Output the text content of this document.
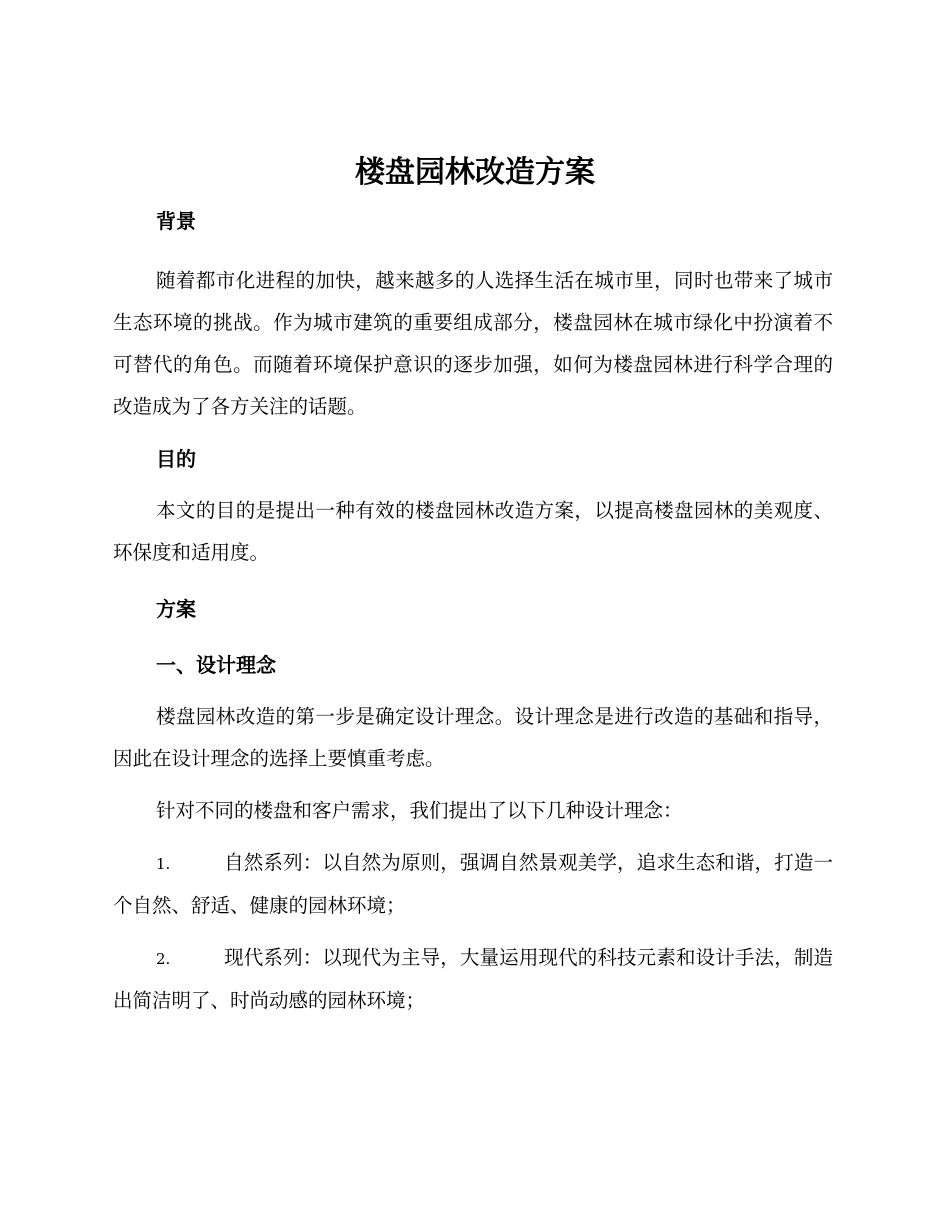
楼盘园林改造方案

背景

随着都市化进程的加快，越来越多的人选择生活在城市里，同时也带来了城市生态环境的挑战。作为城市建筑的重要组成部分，楼盘园林在城市绿化中扮演着不可替代的角色。而随着环境保护意识的逐步加强，如何为楼盘园林进行科学合理的改造成为了各方关注的话题。

目的

本文的目的是提出一种有效的楼盘园林改造方案，以提高楼盘园林的美观度、环保度和适用度。

方案

一、设计理念

楼盘园林改造的第一步是确定设计理念。设计理念是进行改造的基础和指导，因此在设计理念的选择上要慎重考虑。

针对不同的楼盘和客户需求，我们提出了以下几种设计理念：

1.	自然系列：以自然为原则，强调自然景观美学，追求生态和谐，打造一个自然、舒适、健康的园林环境；

2.	现代系列：以现代为主导，大量运用现代的科技元素和设计手法，制造出简洁明了、时尚动感的园林环境；
